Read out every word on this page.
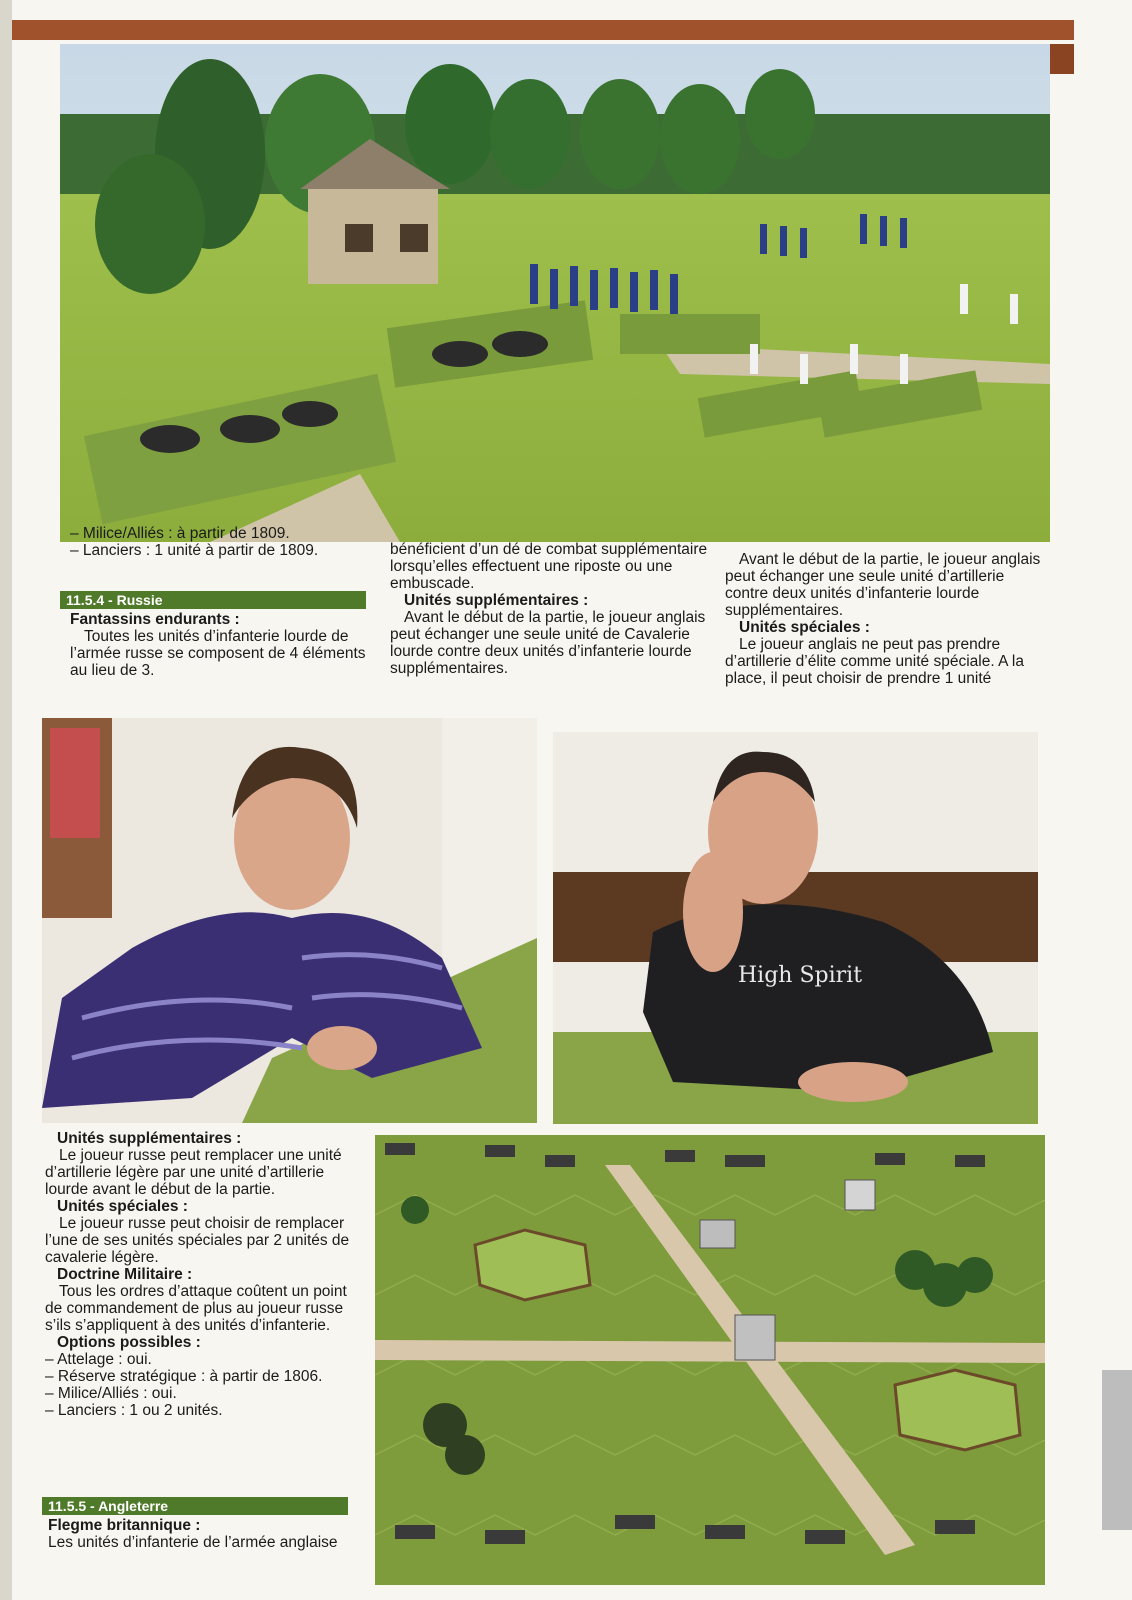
– Milice/Alliés : à partir de 1809.

– Lanciers : 1 unité à partir de 1809.

11.5.4 - Russie

Fantassins endurants :

Toutes les unités d’infanterie lourde de l’armée russe se composent de 4 éléments au lieu de 3.

bénéficient d’un dé de combat supplémentaire lorsqu’elles effectuent une riposte ou une embuscade.

Unités supplémentaires :

Avant le début de la partie, le joueur anglais peut échanger une seule unité de Cavalerie lourde contre deux unités d’infanterie lourde supplémentaires.

Avant le début de la partie, le joueur anglais peut échanger une seule unité d’artillerie contre deux unités d’infanterie lourde supplémentaires.

Unités spéciales :

Le joueur anglais ne peut pas prendre d’artillerie d’élite comme unité spéciale. A la place, il peut choisir de prendre 1 unité

High Spirit

Unités supplémentaires :

Le joueur russe peut remplacer une unité d’artillerie légère par une unité d’artillerie lourde avant le début de la partie.

Unités spéciales :

Le joueur russe peut choisir de remplacer l’une de ses unités spéciales par 2 unités de cavalerie légère.

Doctrine Militaire :

Tous les ordres d’attaque coûtent un point de commandement de plus au joueur russe s’ils s’appliquent à des unités d’infanterie.

Options possibles :

– Attelage : oui.

– Réserve stratégique : à partir de 1806.

– Milice/Alliés : oui.

– Lanciers : 1 ou 2 unités.

11.5.5 - Angleterre

Flegme britannique :

Les unités d’infanterie de l’armée anglaise
